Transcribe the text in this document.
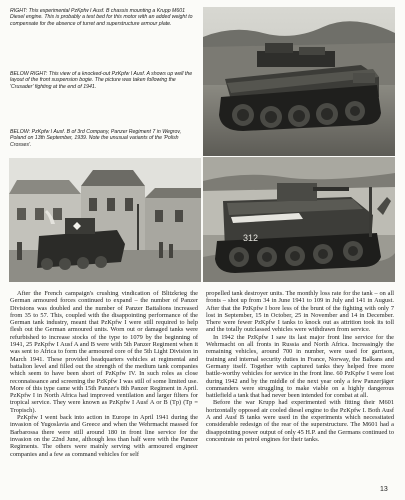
RIGHT: This experimental PzKpfw I Ausf. B chassis mounting a Krupp M601 Diesel engine. This is probably a test bed for this motor with an added weight to compensate for the absence of turret and superstructure armour plate.

BELOW RIGHT: This view of a knocked-out PzKpfw I Ausf. A shows up well the layout of the front suspension bogie. The picture was taken following the 'Crusader' fighting at the end of 1941.

BELOW: PzKpfw I Ausf. B of 3rd Company, Panzer Regiment 7 in Wegrov, Poland on 13th September, 1939. Note the unusual variants of the 'Polish Crosses'.

312

After the French campaign's crushing vindication of Blitzkrieg the German armoured forces continued to expand – the number of Panzer Divisions was doubled and the number of Panzer Battalions increased from 35 to 57. This, coupled with the disappointing performance of the German tank industry, meant that PzKpfw I were still required to help flesh out the German armoured units. Worn out or damaged tanks were refurbished to increase stocks of the type to 1079 by the beginning of 1941, 25 PzKpfw I Ausf A and B were with 5th Panzer Regiment when it was sent to Africa to form the armoured core of the 5th Light Division in March 1941. These provided headquarters vehicles at regimental and battalion level and filled out the strength of the medium tank companies which seem to have been short of PzKpfw IV. In such roles as close reconnaissance and screening the PzKpfw I was still of some limited use. More of this type came with 15th Panzer's 8th Panzer Regiment in April. PzKpfw I in North Africa had improved ventilation and larger filters for tropical service. They were known as PzKpfw I Ausf A or B (Tp) (Tp = Tropisch).

PzKpfw I went back into action in Europe in April 1941 during the invasion of Yugoslavia and Greece and when the Wehrmacht massed for Barbarossa there were still around 180 in front line service for the invasion on the 22nd June, although less than half were with the Panzer Regiments. The others were mainly serving with armoured engineer companies and a few as command vehicles for self

propelled tank destroyer units. The monthly loss rate for the tank – on all fronts – shot up from 34 in June 1941 to 109 in July and 141 in August. After that the PzKpfw I bore less of the brunt of the fighting with only 7 lost in September, 15 in October, 25 in November and 14 in December. There were fewer PzKpfw I tanks to knock out as attrition took its toll and the totally outclassed vehicles were withdrawn from service.

In 1942 the PzKpfw I saw its last major front line service for the Wehrmacht on all fronts in Russia and North Africa. Increasingly the remaining vehicles, around 700 in number, were used for garrison, training and internal security duties in France, Norway, the Balkans and Germany itself. Together with captured tanks they helped free more battle-worthy vehicles for service in the front line. 60 PzKpfw I were lost during 1942 and by the middle of the next year only a few Panzerjäger commanders were struggling to make viable on a highly dangerous battlefield a tank that had never been intended for combat at all.

Before the war Krupp had experimented with fitting their M601 horizontally opposed air cooled diesel engine to the PzKpfw I. Both Ausf A and Ausf B tanks were used in the experiments which necessitated considerable redesign of the rear of the superstructure. The M601 had a disappointing power output of only 45 H.P. and the Germans continued to concentrate on petrol engines for their tanks.

13
